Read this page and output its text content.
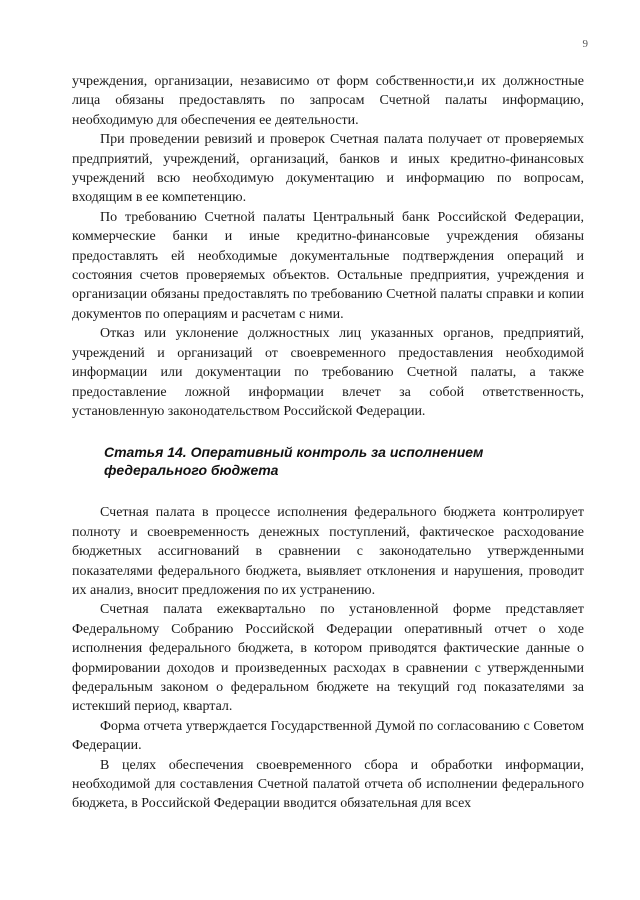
9

учреждения, организации, независимо от форм собственности,и их должностные лица обязаны предоставлять по запросам Счетной палаты информацию, необходимую для обеспечения ее деятельности.

При проведении ревизий и проверок Счетная палата получает от проверяемых предприятий, учреждений, организаций, банков и иных кредитно-финансовых учреждений всю необходимую документацию и информацию по вопросам, входящим в ее компетенцию.

По требованию Счетной палаты Центральный банк Российской Федерации, коммерческие банки и иные кредитно-финансовые учреждения обязаны предоставлять ей необходимые документальные подтверждения операций и состояния счетов проверяемых объектов. Остальные предприятия, учреждения и организации обязаны предоставлять по требованию Счетной палаты справки и копии документов по операциям и расчетам с ними.

Отказ или уклонение должностных лиц указанных органов, предприятий, учреждений и организаций от своевременного предоставления необходимой информации или документации по требованию Счетной палаты, а также предоставление ложной информации влечет за собой ответственность, установленную законодательством Российской Федерации.

Статья 14. Оперативный контроль за исполнением федерального бюджета

Счетная палата в процессе исполнения федерального бюджета контролирует полноту и своевременность денежных поступлений, фактическое расходование бюджетных ассигнований в сравнении с законодательно утвержденными показателями федерального бюджета, выявляет отклонения и нарушения, проводит их анализ, вносит предложения по их устранению.

Счетная палата ежеквартально по установленной форме представляет Федеральному Собранию Российской Федерации оперативный отчет о ходе исполнения федерального бюджета, в котором приводятся фактические данные о формировании доходов и произведенных расходах в сравнении с утвержденными федеральным законом о федеральном бюджете на текущий год показателями за истекший период, квартал.

Форма отчета утверждается Государственной Думой по согласованию с Советом Федерации.

В целях обеспечения своевременного сбора и обработки информации, необходимой для составления Счетной палатой отчета об исполнении федерального бюджета, в Российской Федерации вводится обязательная для всех
